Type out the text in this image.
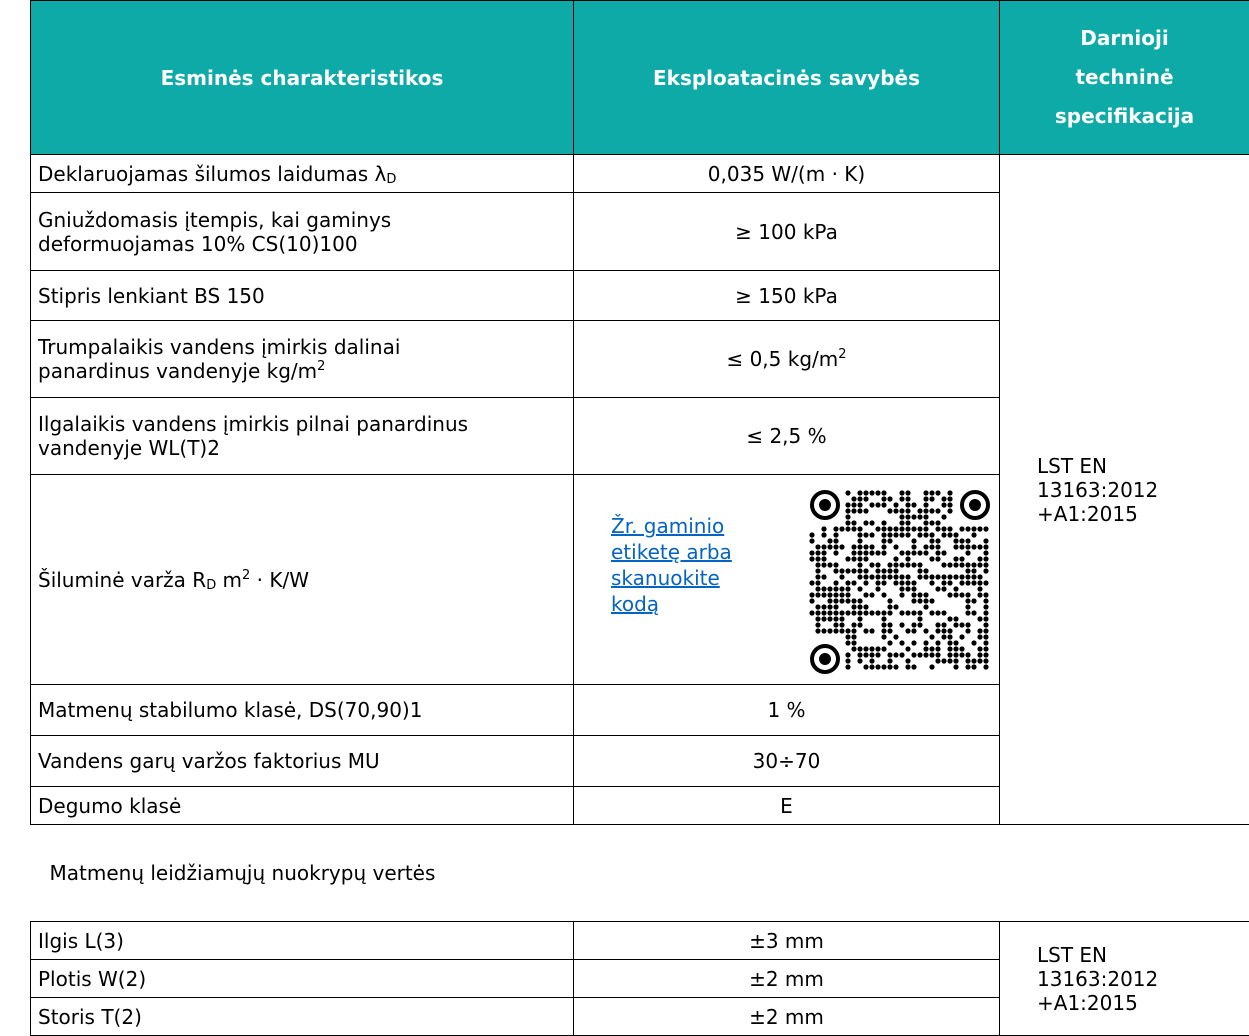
Esminės charakteristikos	Eksploatacinės savybės	Darnioji
techninė
specifikacija
Deklaruojamas šilumos laidumas $\lambda_D$	0,035 W/(m · K)	LST EN
13163:2012
+A1:2015
Gniuždomasis įtempis, kai gaminys
deformuojamas 10% CS(10)100	≥ 100 kPa	
Stipris lenkiant BS 150	≥ 150 kPa	
Trumpalaikis vandens įmirkis dalinai
panardinus vandenyje $kg/m^2$	≤ 0,5 $kg/m^2$
Ilgalaikis vandens įmirkis pilnai panardinus
vandenyje WL(T)2	≤ 2,5 %	
Šiluminė varža $R_D$ $m^2 \cdot K/W$	Žr. gaminio
etiketę arba
skanuokite
kodą	

Matmenų stabilumo klasė, DS(70,90)1	1 %	
Vandens garų varžos faktorius MU	30÷70	
Degumo klasė	E	
Matmenų leidžiamųjų nuokrypų vertės		
Ilgis L(3)	±3 mm	LST EN
13163:2012
+A1:2015
Plotis W(2)	±2 mm	
Storis T(2)	±2 mm	
